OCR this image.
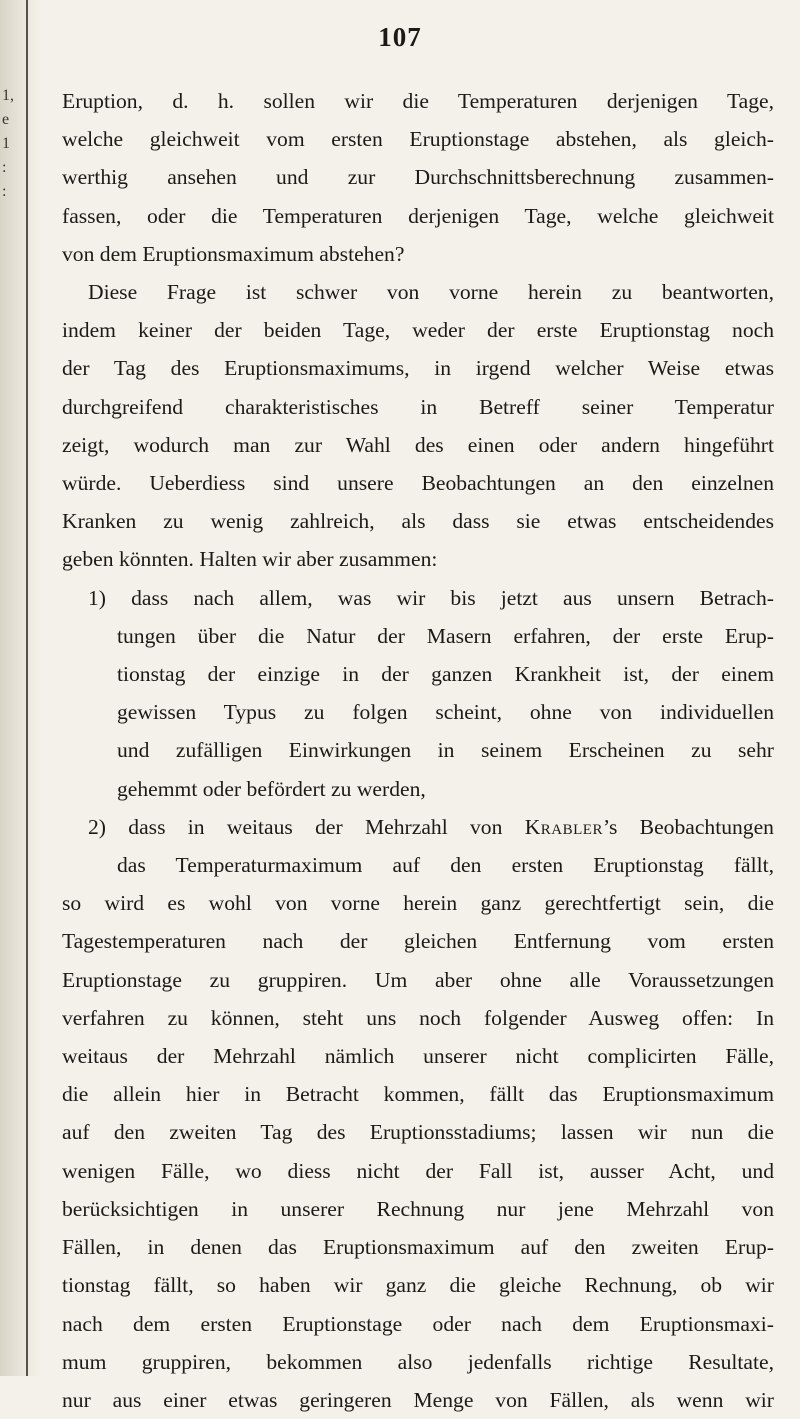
1,
e
1
:
:
107

Eruption, d. h. sollen wir die Temperaturen derjenigen Tage,

welche gleichweit vom ersten Eruptionstage abstehen, als gleich-

werthig ansehen und zur Durchschnittsberechnung zusammen-

fassen, oder die Temperaturen derjenigen Tage, welche gleichweit

von dem Eruptionsmaximum abstehen?

Diese Frage ist schwer von vorne herein zu beantworten,

indem keiner der beiden Tage, weder der erste Eruptionstag noch

der Tag des Eruptionsmaximums, in irgend welcher Weise etwas

durchgreifend charakteristisches in Betreff seiner Temperatur

zeigt, wodurch man zur Wahl des einen oder andern hingeführt

würde. Ueberdiess sind unsere Beobachtungen an den einzelnen

Kranken zu wenig zahlreich, als dass sie etwas entscheidendes

geben könnten. Halten wir aber zusammen:

1) dass nach allem, was wir bis jetzt aus unsern Betrach-

tungen über die Natur der Masern erfahren, der erste Erup-

tionstag der einzige in der ganzen Krankheit ist, der einem

gewissen Typus zu folgen scheint, ohne von individuellen

und zufälligen Einwirkungen in seinem Erscheinen zu sehr

gehemmt oder befördert zu werden,

2) dass in weitaus der Mehrzahl von Krabler’s Beobachtungen

das Temperaturmaximum auf den ersten Eruptionstag fällt,

so wird es wohl von vorne herein ganz gerechtfertigt sein, die

Tagestemperaturen nach der gleichen Entfernung vom ersten

Eruptionstage zu gruppiren. Um aber ohne alle Voraussetzungen

verfahren zu können, steht uns noch folgender Ausweg offen: In

weitaus der Mehrzahl nämlich unserer nicht complicirten Fälle,

die allein hier in Betracht kommen, fällt das Eruptionsmaximum

auf den zweiten Tag des Eruptionsstadiums; lassen wir nun die

wenigen Fälle, wo diess nicht der Fall ist, ausser Acht, und

berücksichtigen in unserer Rechnung nur jene Mehrzahl von

Fällen, in denen das Eruptionsmaximum auf den zweiten Erup-

tionstag fällt, so haben wir ganz die gleiche Rechnung, ob wir

nach dem ersten Eruptionstage oder nach dem Eruptionsmaxi-

mum gruppiren, bekommen also jedenfalls richtige Resultate,

nur aus einer etwas geringeren Menge von Fällen, als wenn wir
